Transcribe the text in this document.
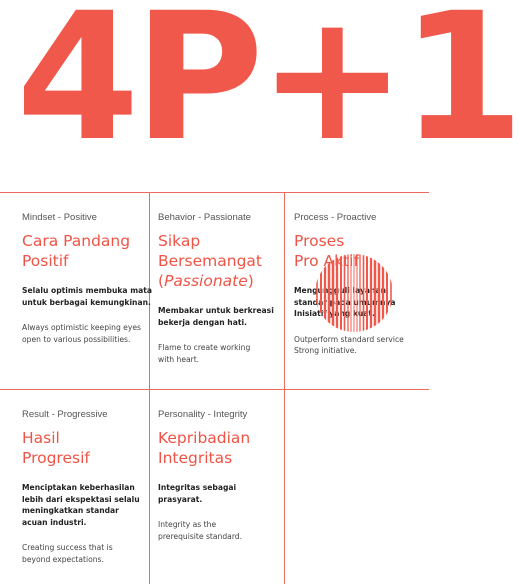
4P+1
Mindset - Positive
Cara Pandang
Positif
Selalu optimis membuka mata
untuk berbagai kemungkinan.
Always optimistic keeping eyes
open to various possibilities.
Behavior - Passionate
Sikap
Bersemangat
(Passionate)
Membakar untuk berkreasi
bekerja dengan hati.
Flame to create working
with heart.
Process - Proactive
Proses
Pro Aktif
Mengungguli layanan
standar pada umumnya
Inisiatif yang kuat.
Outperform standard service
Strong initiative.
Result - Progressive
Hasil
Progresif
Menciptakan keberhasilan
lebih dari ekspektasi selalu
meningkatkan standar
acuan industri.
Creating success that is
beyond expectations.
Personality - Integrity
Kepribadian
Integritas
Integritas sebagai
prasyarat.
Integrity as the
prerequisite standard.
